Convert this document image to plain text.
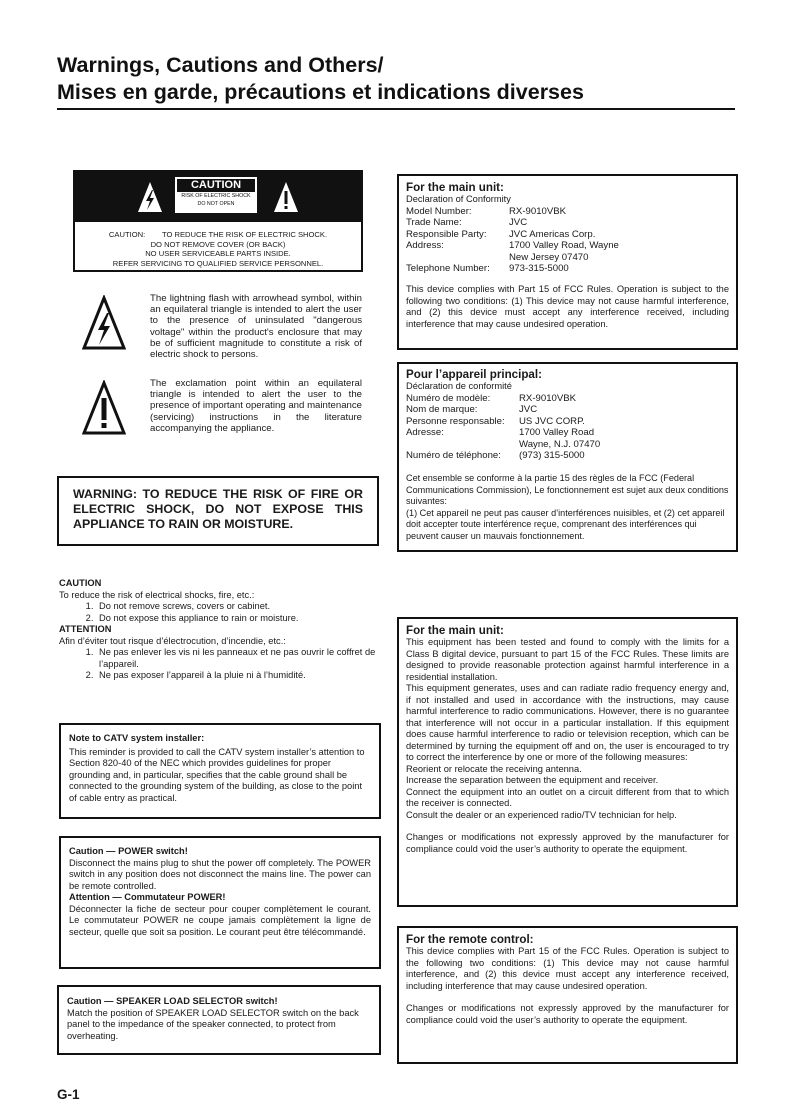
Warnings, Cautions and Others/
Mises en garde, précautions et indications diverses
CAUTION
RISK OF ELECTRIC SHOCK
DO NOT OPEN
CAUTION:        TO REDUCE THE RISK OF ELECTRIC SHOCK.
DO NOT REMOVE COVER (OR BACK)
NO USER SERVICEABLE PARTS INSIDE.
REFER SERVICING TO QUALIFIED SERVICE PERSONNEL.
The lightning flash with arrowhead symbol, within an equilateral triangle is intended to alert the user to the presence of uninsulated "dangerous voltage" within the product's enclosure that may be of sufficient magnitude to constitute a risk of electric shock to persons.
The exclamation point within an equilateral triangle is intended to alert the user to the presence of important operating and maintenance (servicing) instructions in the literature accompanying the appliance.
WARNING: TO REDUCE THE RISK OF FIRE OR ELECTRIC SHOCK, DO NOT EXPOSE THIS APPLIANCE TO RAIN OR MOISTURE.
CAUTION
To reduce the risk of electrical shocks, fire, etc.:
1. Do not remove screws, covers or cabinet.
2. Do not expose this appliance to rain or moisture.
ATTENTION
Afin d’éviter tout risque d’électrocution, d’incendie, etc.:
1. Ne pas enlever les vis ni les panneaux et ne pas ouvrir le coffret de l’appareil.
2. Ne pas exposer l’appareil à la pluie ni à l’humidité.
Note to CATV system installer:
This reminder is provided to call the CATV system installer’s attention to Section 820-40 of the NEC which provides guidelines for proper grounding and, in particular, specifies that the cable ground shall be connected to the grounding system of the building, as close to the point of cable entry as practical.
Caution — POWER switch!
Disconnect the mains plug to shut the power off completely. The POWER switch in any position does not disconnect the mains line. The power can be remote controlled.
Attention — Commutateur POWER!
Déconnecter la fiche de secteur pour couper complètement le courant. Le commutateur POWER ne coupe jamais complètement la ligne de secteur, quelle que soit sa position. Le courant peut être télécommandé.
Caution — SPEAKER LOAD SELECTOR switch!
Match the position of SPEAKER LOAD SELECTOR switch on the back panel to the impedance of the speaker connected, to protect from overheating.
For the main unit:
Declaration of Conformity
Model Number:	RX-9010VBK
Trade Name:	JVC
Responsible Party:	JVC Americas Corp.
Address:	1700 Valley Road, Wayne
	New Jersey 07470
Telephone Number:	973-315-5000
This device complies with Part 15 of FCC Rules. Operation is subject to the following two conditions: (1) This device may not cause harmful interference, and (2) this device must accept any interference received, including interference that may cause undesired operation.
Pour l’appareil principal:
Déclaration de conformité
Numéro de modèle:	RX-9010VBK
Nom de marque:	JVC
Personne responsable:	US JVC CORP.
Adresse:	1700 Valley Road
	Wayne, N.J. 07470
Numéro de téléphone:	(973) 315-5000
Cet ensemble se conforme à la partie 15 des règles de la FCC (Federal Communications Commission), Le fonctionnement est sujet aux deux conditions suivantes:
(1) Cet appareil ne peut pas causer d’interférences nuisibles, et (2) cet appareil doit accepter toute interférence reçue, comprenant des interférences qui peuvent causer un mauvais fonctionnement.
For the main unit:
This equipment has been tested and found to comply with the limits for a Class B digital device, pursuant to part 15 of the FCC Rules. These limits are designed to provide reasonable protection against harmful interference in a residential installation.
This equipment generates, uses and can radiate radio frequency energy and, if not installed and used in accordance with the instructions, may cause harmful interference to radio communications. However, there is no guarantee that interference will not occur in a particular installation. If this equipment does cause harmful interference to radio or television reception, which can be determined by turning the equipment off and on, the user is encouraged to try to correct the interference by one or more of the following measures:
Reorient or relocate the receiving antenna.
Increase the separation between the equipment and receiver.
Connect the equipment into an outlet on a circuit different from that to which the receiver is connected.
Consult the dealer or an experienced radio/TV technician for help.
Changes or modifications not expressly approved by the manufacturer for compliance could void the user’s authority to operate the equipment.
For the remote control:
This device complies with Part 15 of the FCC Rules. Operation is subject to the following two conditions: (1) This device may not cause harmful interference, and (2) this device must accept any interference received, including interference that may cause undesired operation.
Changes or modifications not expressly approved by the manufacturer for compliance could void the user’s authority to operate the equipment.
G-1
